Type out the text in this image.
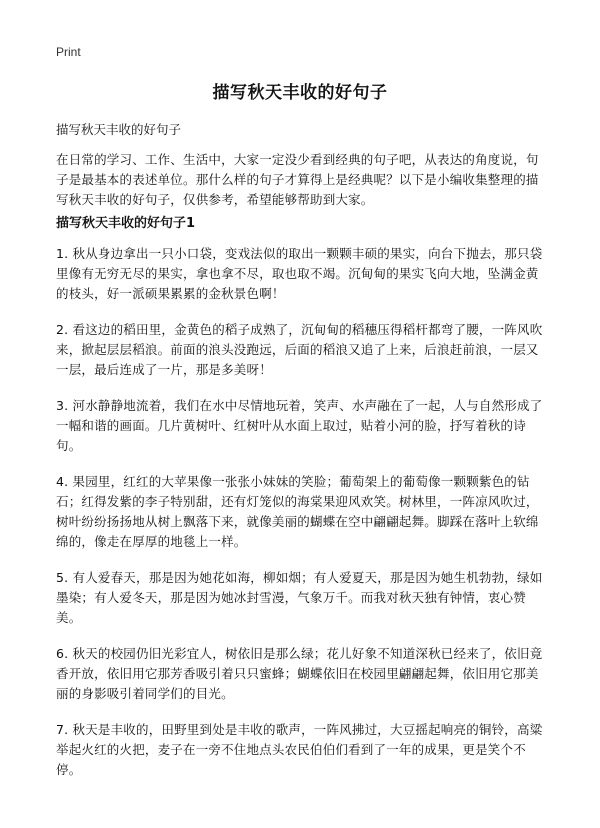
Print
描写秋天丰收的好句子

描写秋天丰收的好句子

在日常的学习、工作、生活中，大家一定没少看到经典的句子吧，从表达的角度说，句子是最基本的表述单位。那什么样的句子才算得上是经典呢？以下是小编收集整理的描写秋天丰收的好句子，仅供参考，希望能够帮助到大家。

描写秋天丰收的好句子1
1. 秋从身边拿出一只小口袋，变戏法似的取出一颗颗丰硕的果实，向台下抛去，那只袋里像有无穷无尽的果实，拿也拿不尽，取也取不竭。沉甸甸的果实飞向大地，坠满金黄的枝头，好一派硕果累累的金秋景色啊！
2. 看这边的稻田里，金黄色的稻子成熟了，沉甸甸的稻穗压得稻杆都弯了腰，一阵风吹来，掀起层层稻浪。前面的浪头没跑远，后面的稻浪又追了上来，后浪赶前浪，一层又一层，最后连成了一片，那是多美呀！
3. 河水静静地流着，我们在水中尽情地玩着，笑声、水声融在了一起，人与自然形成了一幅和谐的画面。几片黄树叶、红树叶从水面上取过，贴着小河的脸，抒写着秋的诗句。
4. 果园里，红红的大苹果像一张张小妹妹的笑脸；葡萄架上的葡萄像一颗颗紫色的钻石；红得发紫的李子特别甜，还有灯笼似的海棠果迎风欢笑。树林里，一阵凉风吹过，树叶纷纷扬扬地从树上飘落下来，就像美丽的蝴蝶在空中翩翩起舞。脚踩在落叶上软绵绵的，像走在厚厚的地毯上一样。
5. 有人爱春天，那是因为她花如海，柳如烟；有人爱夏天，那是因为她生机勃勃，绿如墨染；有人爱冬天，那是因为她冰封雪漫，气象万千。而我对秋天独有钟情，衷心赞美。
6. 秋天的校园仍旧光彩宜人，树依旧是那么绿；花儿好象不知道深秋已经来了，依旧竟香开放，依旧用它那芳香吸引着只只蜜蜂；蝴蝶依旧在校园里翩翩起舞，依旧用它那美丽的身影吸引着同学们的目光。
7. 秋天是丰收的，田野里到处是丰收的歌声，一阵风拂过，大豆摇起响亮的铜铃，高粱举起火红的火把，麦子在一旁不住地点头农民伯伯们看到了一年的成果，更是笑个不停。
